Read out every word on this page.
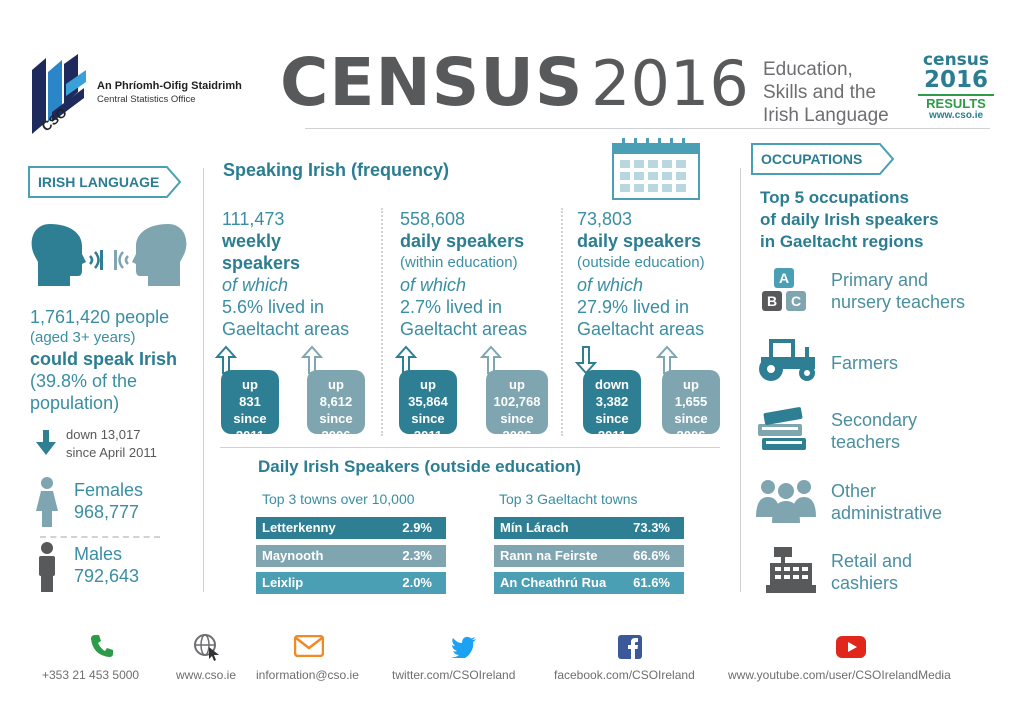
CSO
An Phríomh-Oifig Staidrimh
Central Statistics Office CENSUS 2016 Education,
Skills and the
Irish Language
census
2016
RESULTS
www.cso.ie
IRISH LANGUAGE
1,761,420 people
(aged 3+ years)
could speak Irish
(39.8% of the
population)
down 13,017
since April 2011
Females
968,777
Males
792,643
Speaking Irish (frequency)
111,473
weekly
speakers
of which
5.6% lived in
Gaeltacht areas
558,608
daily speakers
(within education)
of which
2.7% lived in
Gaeltacht areas
73,803
daily speakers
(outside education)
of which
27.9% lived in
Gaeltacht areas
up
831
since
2011
up
8,612
since
2006
up
35,864
since
2011
up
102,768
since
2006
down
3,382
since
2011
up
1,655
since
2006
Daily Irish Speakers (outside education)
Top 3 towns over 10,000	Top 3 Gaeltacht towns
Letterkenny	2.9%
Maynooth	2.3%
Leixlip	2.0%
Mín Lárach	73.3%
Rann na Feirste	66.6%
An Cheathrú Rua 61.6%
OCCUPATIONS
Top 5 occupations
of daily Irish speakers
in Gaeltacht regions
A
B C
Primary and
nursery teachers
Farmers
Secondary
teachers
Other
administrative
Retail and
cashiers
+353 21 453 5000	www.cso.ie information@cso.ie	twitter.com/CSOIreland	facebook.com/CSOIreland	www.youtube.com/user/CSOIrelandMedia
